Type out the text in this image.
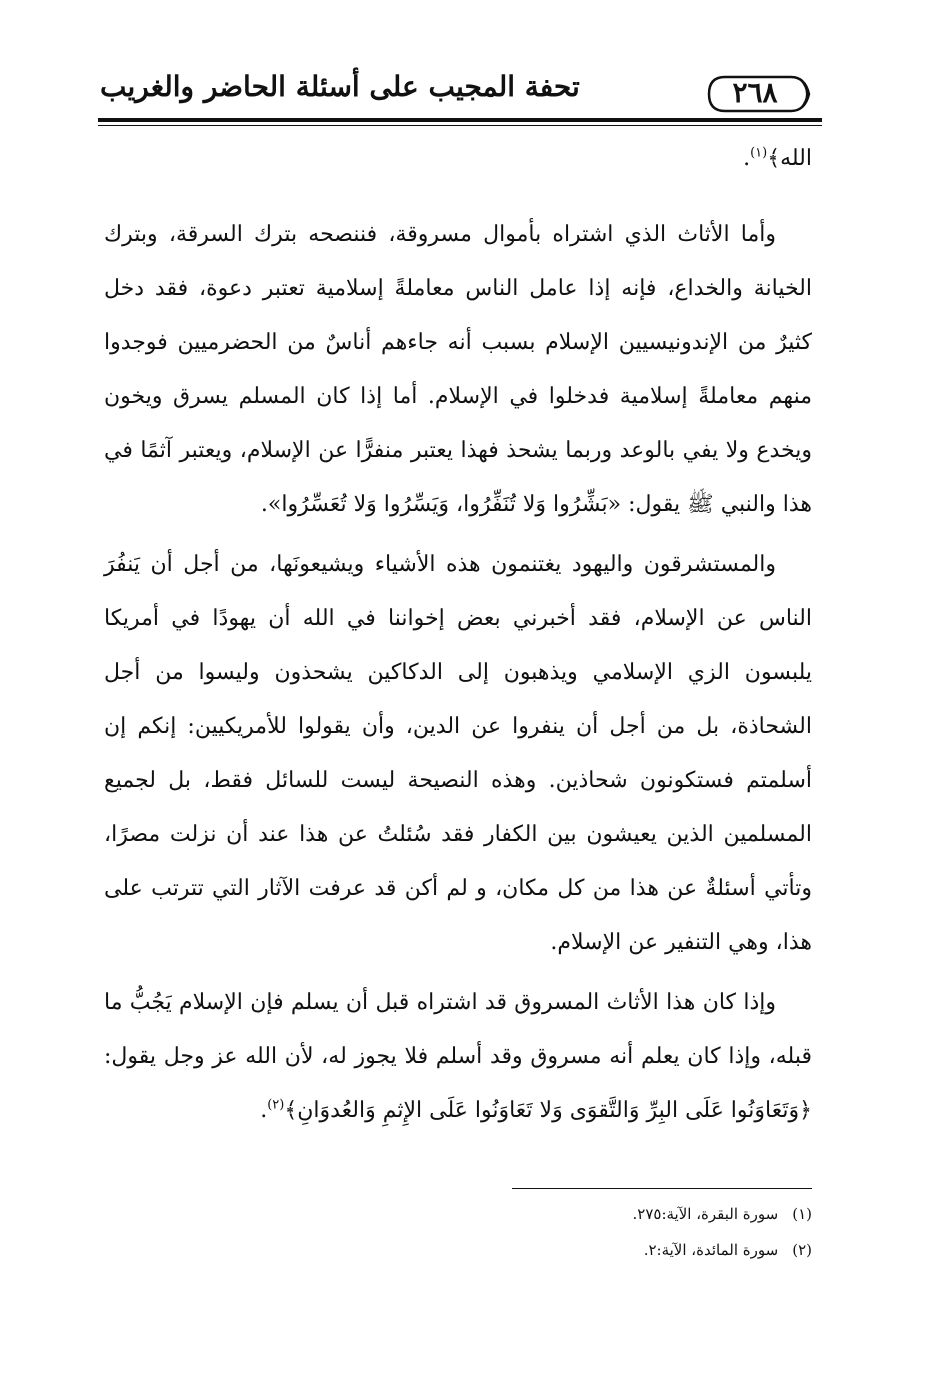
تحفة المجيب على أسئلة الحاضر والغريب	٢٦٨

الله﴾$^{(١)}$.

وأما الأثاث الذي اشتراه بأموال مسروقة، فننصحه بترك السرقة، وبترك الخيانة والخداع، فإنه إذا عامل الناس معاملةً إسلامية تعتبر دعوة، فقد دخل كثيرٌ من الإندونيسيين الإسلام بسبب أنه جاءهم أناسٌ من الحضرميين فوجدوا منهم معاملةً إسلامية فدخلوا في الإسلام. أما إذا كان المسلم يسرق ويخون ويخدع ولا يفي بالوعد وربما يشحذ فهذا يعتبر منفرًّا عن الإسلام، ويعتبر آثمًا في هذا والنبي ﷺ يقول: «بَشِّرُوا وَلا تُنَفِّرُوا، وَيَسِّرُوا وَلا تُعَسِّرُوا».

والمستشرقون واليهود يغتنمون هذه الأشياء ويشيعونَها، من أجل أن يَنفُرَ الناس عن الإسلام، فقد أخبرني بعض إخواننا في الله أن يهودًا في أمريكا يلبسون الزي الإسلامي ويذهبون إلى الدكاكين يشحذون وليسوا من أجل الشحاذة، بل من أجل أن ينفروا عن الدين، وأن يقولوا للأمريكيين: إنكم إن أسلمتم فستكونون شحاذين. وهذه النصيحة ليست للسائل فقط، بل لجميع المسلمين الذين يعيشون بين الكفار فقد سُئلتُ عن هذا عند أن نزلت مصرًا، وتأتي أسئلةٌ عن هذا من كل مكان، و لم أكن قد عرفت الآثار التي تترتب على هذا، وهي التنفير عن الإسلام.

وإذا كان هذا الأثاث المسروق قد اشتراه قبل أن يسلم فإن الإسلام يَجُبُّ ما قبله، وإذا كان يعلم أنه مسروق وقد أسلم فلا يجوز له، لأن الله عز وجل يقول: ﴿وَتَعَاوَنُوا عَلَى البِرِّ وَالتَّقوَى وَلا تَعَاوَنُوا عَلَى الإِثمِ وَالعُدوَانِ﴾$^{(٢)}$.

(١)سورة البقرة، الآية:٢٧٥.
(٢)سورة المائدة، الآية:٢.
